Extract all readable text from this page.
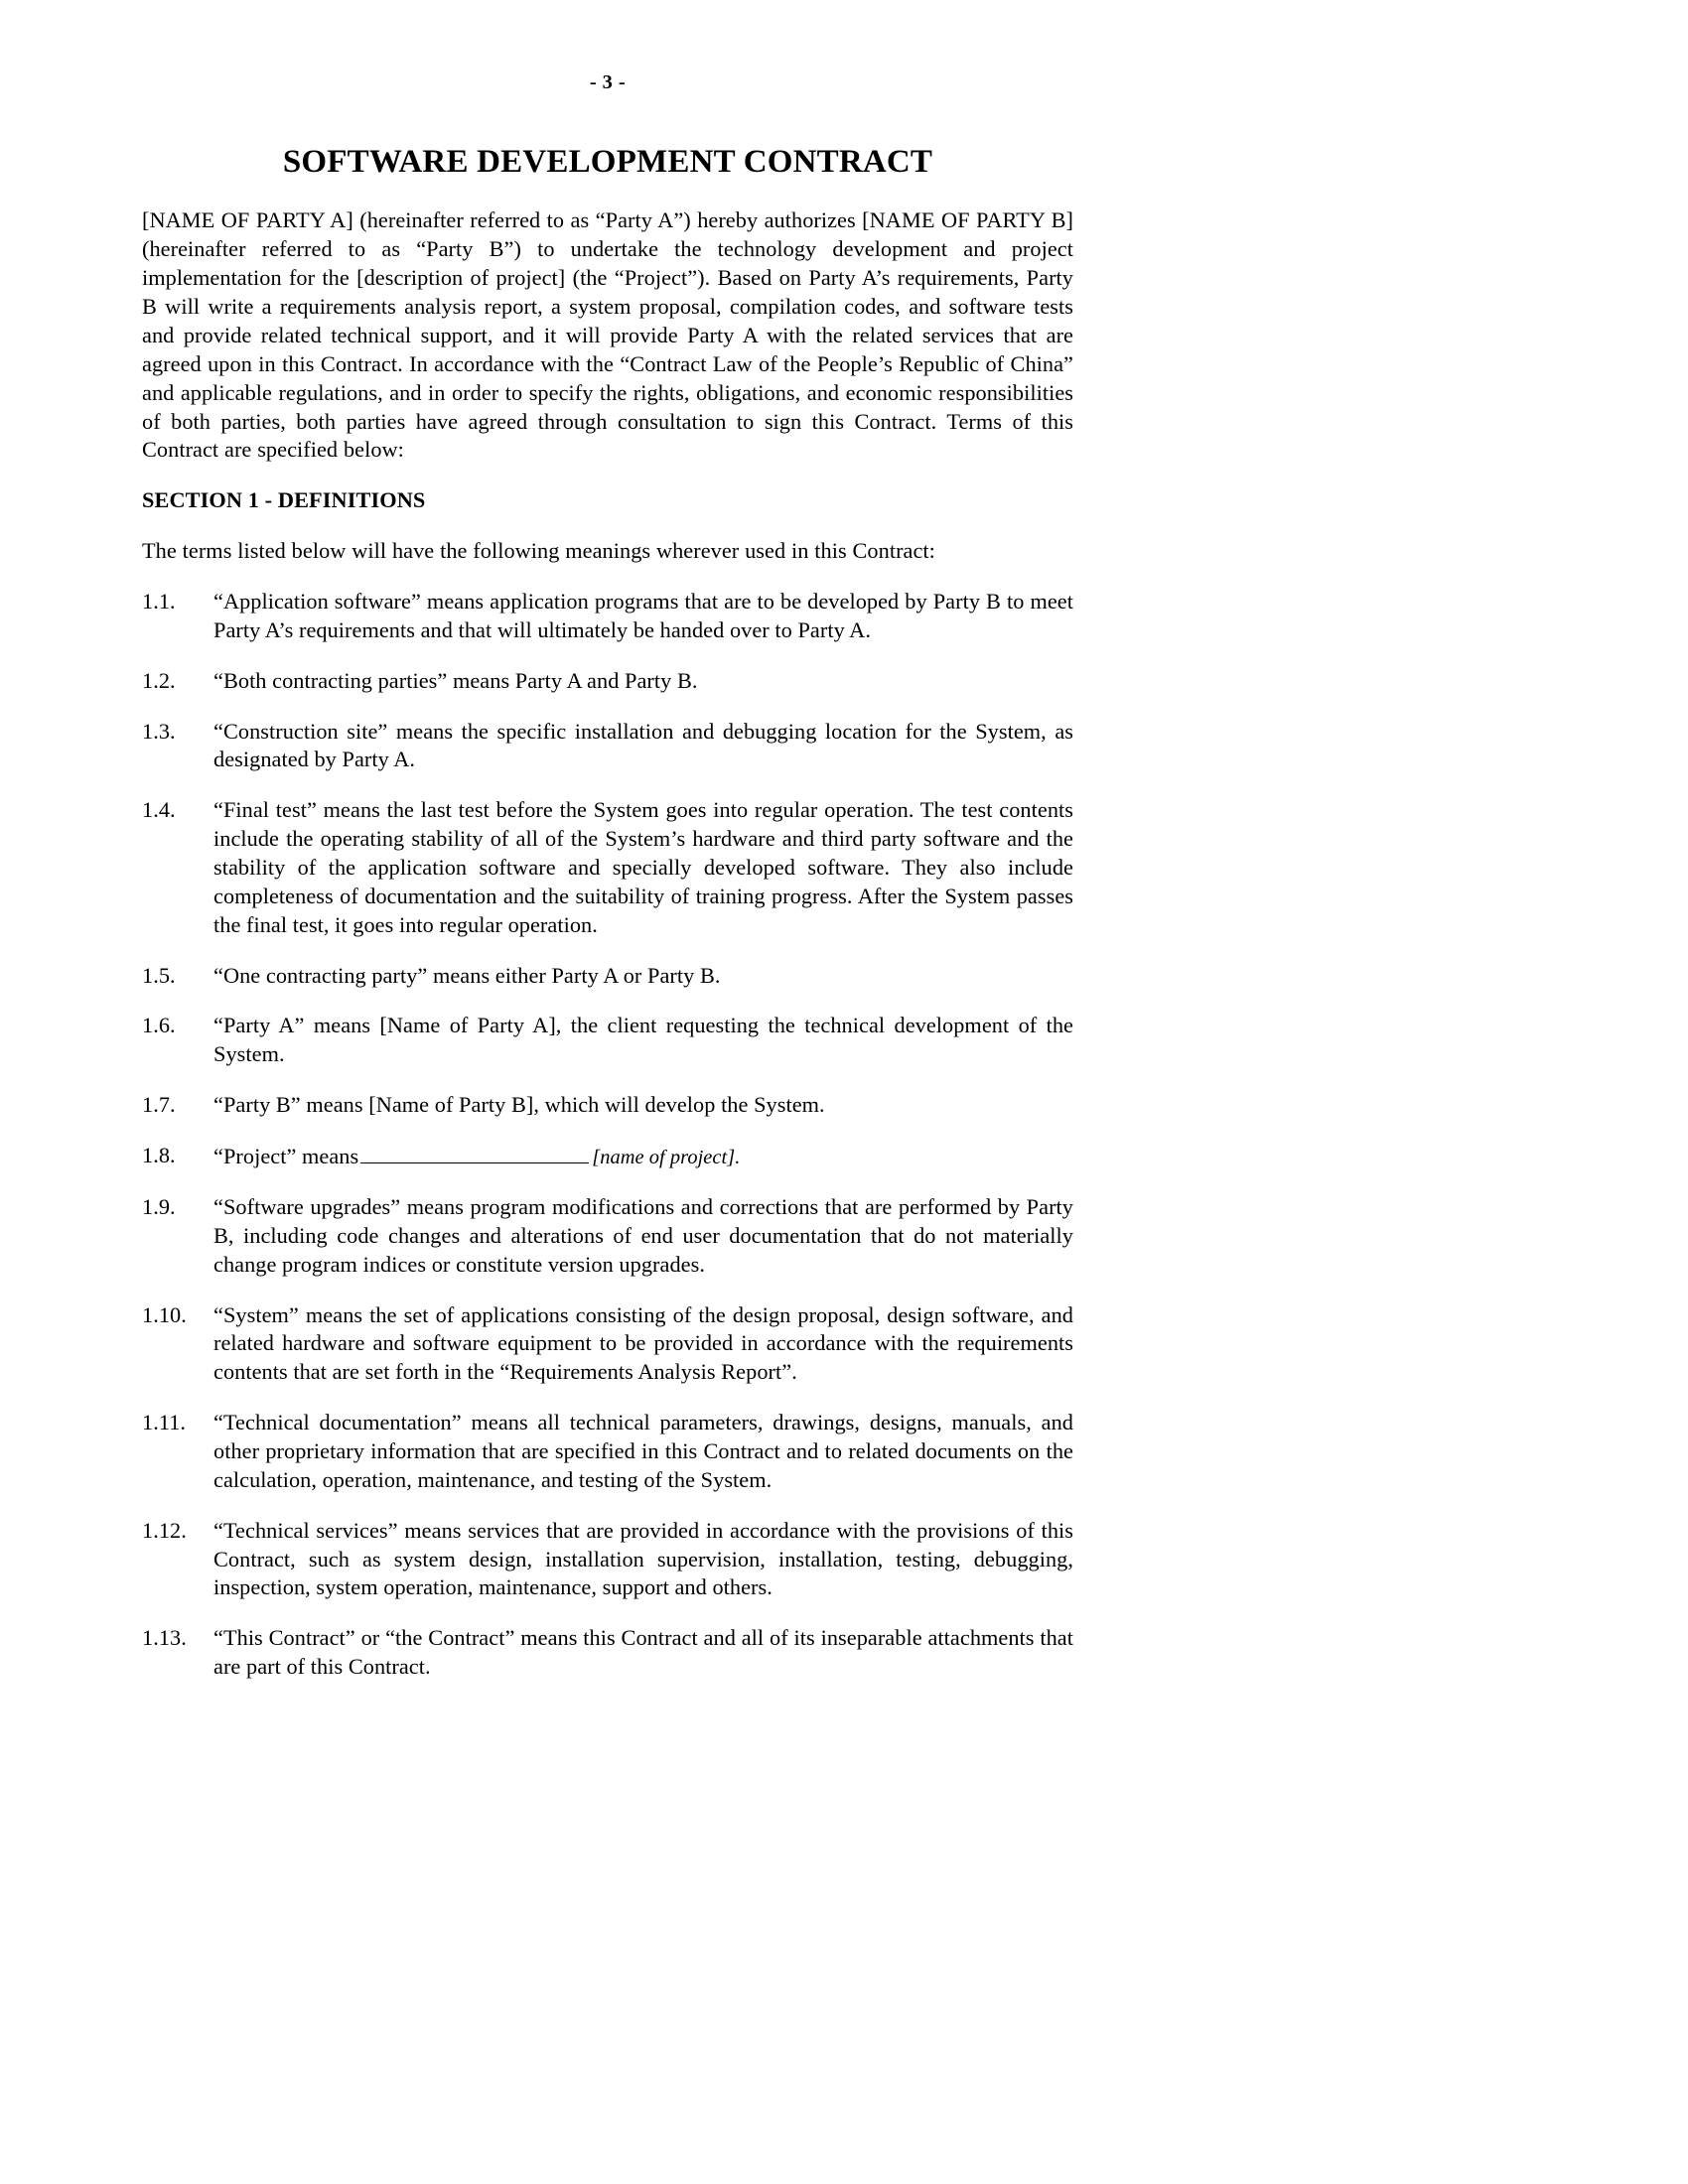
- 3 -
SOFTWARE DEVELOPMENT CONTRACT

[NAME OF PARTY A] (hereinafter referred to as “Party A”) hereby authorizes [NAME OF PARTY B] (hereinafter referred to as “Party B”) to undertake the technology development and project implementation for the [description of project] (the “Project”). Based on Party A’s requirements, Party B will write a requirements analysis report, a system proposal, compilation codes, and software tests and provide related technical support, and it will provide Party A with the related services that are agreed upon in this Contract. In accordance with the “Contract Law of the People’s Republic of China” and applicable regulations, and in order to specify the rights, obligations, and economic responsibilities of both parties, both parties have agreed through consultation to sign this Contract. Terms of this Contract are specified below:

SECTION 1 - DEFINITIONS

The terms listed below will have the following meanings wherever used in this Contract:

1.1.	“Application software” means application programs that are to be developed by Party B to meet Party A’s requirements and that will ultimately be handed over to Party A.

1.2.	“Both contracting parties” means Party A and Party B.

1.3.	“Construction site” means the specific installation and debugging location for the System, as designated by Party A.

1.4.	“Final test” means the last test before the System goes into regular operation. The test contents include the operating stability of all of the System’s hardware and third party software and the stability of the application software and specially developed software. They also include completeness of documentation and the suitability of training progress. After the System passes the final test, it goes into regular operation.

1.5.	“One contracting party” means either Party A or Party B.

1.6.	“Party A” means [Name of Party A], the client requesting the technical development of the System.

1.7.	“Party B” means [Name of Party B], which will develop the System.

1.8.	“Project” means	[name of project].

1.9.	“Software upgrades” means program modifications and corrections that are performed by Party B, including code changes and alterations of end user documentation that do not materially change program indices or constitute version upgrades.

1.10.	“System” means the set of applications consisting of the design proposal, design software, and related hardware and software equipment to be provided in accordance with the requirements contents that are set forth in the “Requirements Analysis Report”.

1.11.	“Technical documentation” means all technical parameters, drawings, designs, manuals, and other proprietary information that are specified in this Contract and to related documents on the calculation, operation, maintenance, and testing of the System.

1.12.	“Technical services” means services that are provided in accordance with the provisions of this Contract, such as system design, installation supervision, installation, testing, debugging, inspection, system operation, maintenance, support and others.

1.13.	“This Contract” or “the Contract” means this Contract and all of its inseparable attachments that are part of this Contract.
